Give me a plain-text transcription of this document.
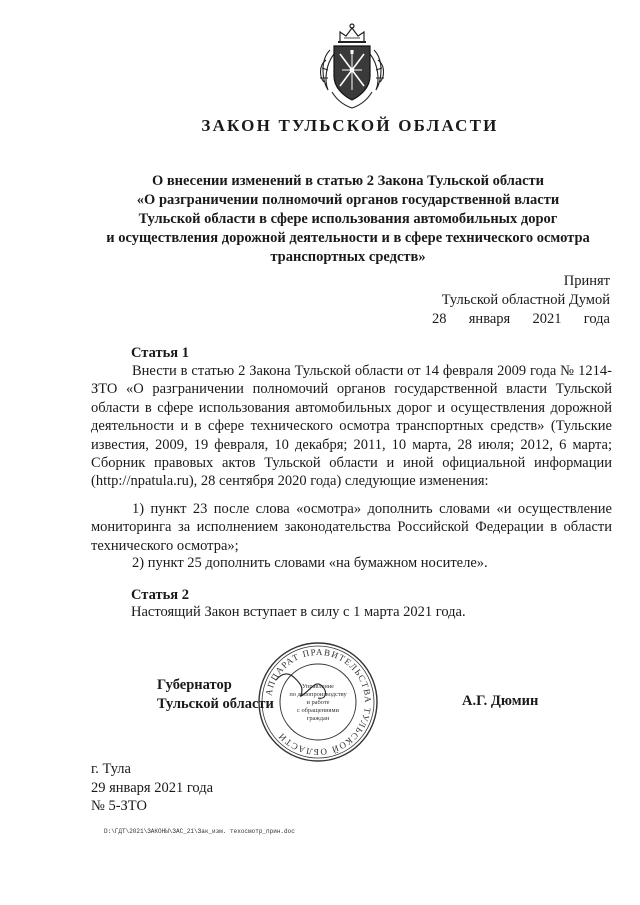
ЗАКОН ТУЛЬСКОЙ ОБЛАСТИ
О внесении изменений в статью 2 Закона Тульской области
«О разграничении полномочий органов государственной власти
Тульской области в сфере использования автомобильных дорог
и осуществления дорожной деятельности и в сфере технического осмотра
транспортных средств»
Принят
Тульской областной Думой
28 января 2021 года
Статья 1
Внести в статью 2 Закона Тульской области от 14 февраля 2009 года № 1214-ЗТО «О разграничении полномочий органов государственной власти Тульской области в сфере использования автомобильных дорог и осуществления дорожной деятельности и в сфере технического осмотра транспортных средств» (Тульские известия, 2009, 19 февраля, 10 декабря; 2011, 10 марта, 28 июля; 2012, 6 марта; Сборник правовых актов Тульской области и иной официальной информации (http://npatula.ru), 28 сентября 2020 года) следующие изменения:
1) пункт 23 после слова «осмотра» дополнить словами «и осуществление мониторинга за исполнением законодательства Российской Федерации в области технического осмотра»;
2) пункт 25 дополнить словами «на бумажном носителе».
Статья 2
Настоящий Закон вступает в силу с 1 марта 2021 года.
АППАРАТ ПРАВИТЕЛЬСТВА ТУЛЬСКОЙ ОБЛАСТИ
Управление
по делопроизводству
и работе
с обращениями
граждан
Губернатор
Тульской области	А.Г. Дюмин
г. Тула
29 января 2021 года
№ 5-ЗТО
D:\ГДТ\2021\ЗАКОНЫ\ЗАС_21\Зак_изм. техосмотр_прин.doc
